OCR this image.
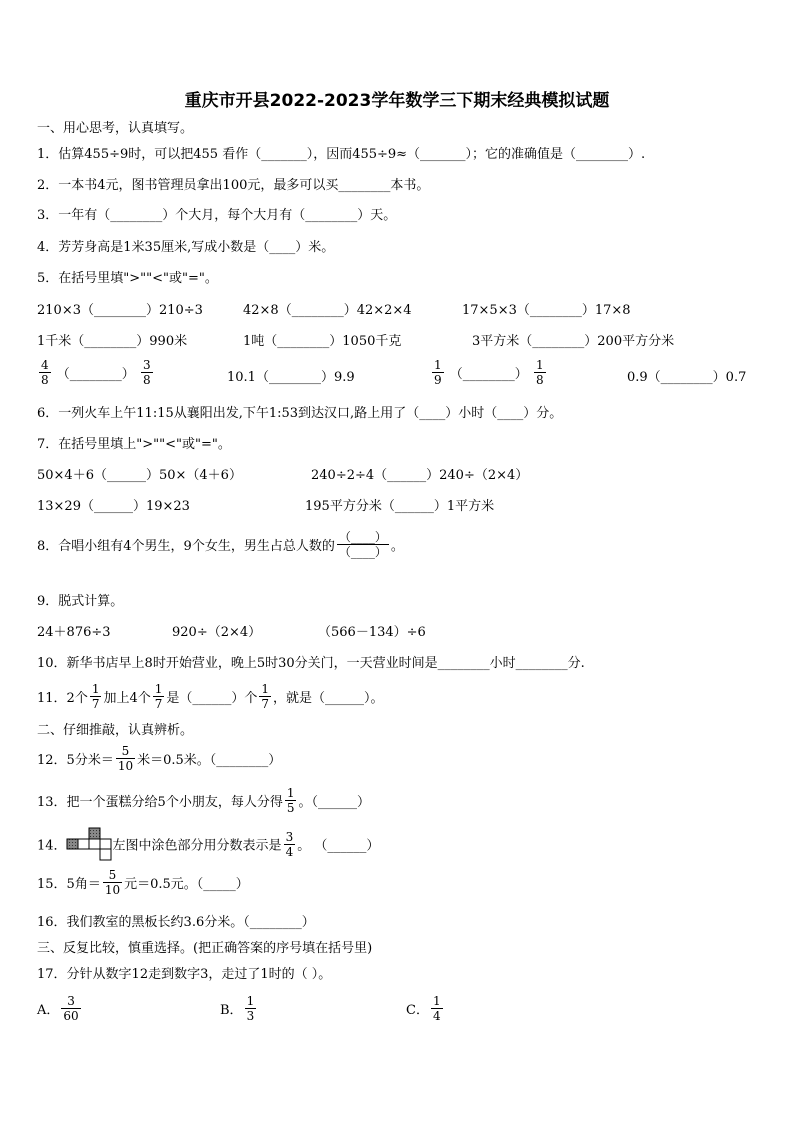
重庆市开县2022-2023学年数学三下期末经典模拟试题
一、用心思考，认真填写。
1．估算455÷9时，可以把455 看作（_______），因而455÷9≈（_______）；它的准确值是（________）.
2．一本书4元，图书管理员拿出100元，最多可以买________本书。
3．一年有（________）个大月，每个大月有（________）天。
4．芳芳身高是1米35厘米,写成小数是（____）米。
5．在括号里填">""<"或"="。
210×3（________）210÷3	42×8（________）42×2×4	17×5×3（________）17×8
1千米（________）990米	1吨（________）1050千克	3平方米（________）200平方分米
$\frac{4}{8}$ （________） $\frac{3}{8}$	10.1（________）9.9	$\frac{1}{9}$ （________） $\frac{1}{8}$	0.9（________）0.7
6．一列火车上午11:15从襄阳出发,下午1:53到达汉口,路上用了（____）小时（____）分。
7．在括号里填上">""<"或"="。
50×4＋6（______）50×（4＋6）	240÷2÷4（______）240÷（2×4）
13×29（______）19×23	195平方分米（______）1平方米
8．合唱小组有4个男生，9个女生，男生占总人数的 $\frac{(\_\_\_\_)}{(\_\_\_\_)}$ 。
9．脱式计算。
24＋876÷3	920÷（2×4）	（566－134）÷6
10．新华书店早上8时开始营业，晚上5时30分关门，一天营业时间是________小时________分.
11．2个 $\frac{1}{7}$ 加上4个 $\frac{1}{7}$ 是（______）个 $\frac{1}{7}$ ，就是（______）。
二、仔细推敲，认真辨析。
12．5分米＝ $\frac{5}{10}$ 米＝0.5米。（________）
13．把一个蛋糕分给5个小朋友，每人分得 $\frac{1}{5}$ 。（______）
14．	左图中涂色部分用分数表示是 $\frac{3}{4}$ 。 （______）
15．5角＝ $\frac{5}{10}$ 元＝0.5元。（_____）
16．我们教室的黑板长约3.6分米。（________）
三、反复比较，慎重选择。(把正确答案的序号填在括号里)
17．分针从数字12走到数字3，走过了1时的（ ）。
A． $\frac{3}{60}$	B． $\frac{1}{3}$	C． $\frac{1}{4}$
